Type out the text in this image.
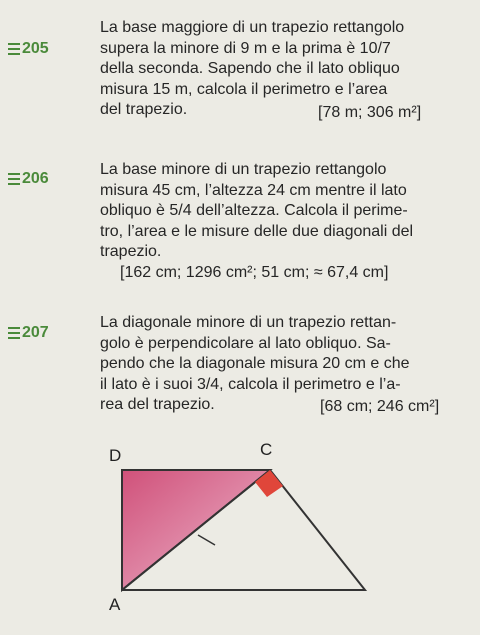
205
La base maggiore di un trapezio rettangolo
supera la minore di 9 m e la prima è 10/7
della seconda. Sapendo che il lato obliquo
misura 15 m, calcola il perimetro e l’area
del trapezio.	[78 m; 306 m²]
206
La base minore di un trapezio rettangolo
misura 45 cm, l’altezza 24 cm mentre il lato
obliquo è 5/4 dell’altezza. Calcola il perime-
tro, l’area e le misure delle due diagonali del
trapezio.
[162 cm; 1296 cm²; 51 cm; ≈ 67,4 cm]
207
La diagonale minore di un trapezio rettan-
golo è perpendicolare al lato obliquo. Sa-
pendo che la diagonale misura 20 cm e che
il lato è i suoi 3/4, calcola il perimetro e l’a-
rea del trapezio.	[68 cm; 246 cm²]
D	C
A
